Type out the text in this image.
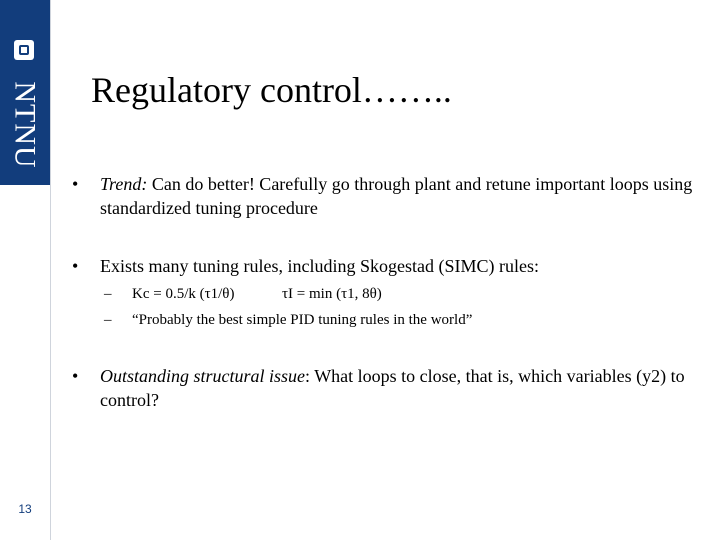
NTNU
13
Regulatory control……..
• Trend: Can do better! Carefully go through plant and retune important loops using standardized tuning procedure
• Exists many tuning rules, including Skogestad (SIMC) rules:
– Kc = 0.5/k (τ1/θ)	τI = min (τ1, 8θ)
– “Probably the best simple PID tuning rules in the world”
• Outstanding structural issue: What loops to close, that is, which variables (y2) to control?
